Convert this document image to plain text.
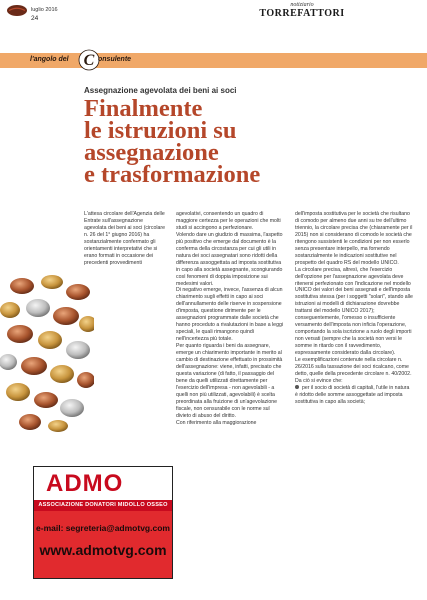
luglio 2016
24
notiziario
TORREFATTORI
l'angolo del C onsulente
Assegnazione agevolata dei beni ai soci
Finalmente
le istruzioni su
assegnazione
e trasformazione

L'attesa circolare dell'Agenzia delle Entrate sull'assegnazione agevolata dei beni ai soci (circolare n. 26 del 1° giugno 2016) ha sostanzialmente confermato gli orientamenti interpretativi che si erano formati in occasione dei precedenti provvedimenti

agevolativi, consentendo un quadro di maggiore certezza per le operazioni che molti studi si accingono a perfezionare.

Volendo dare un giudizio di massima, l'aspetto più positivo che emerge dal documento è la conferma della circostanza per cui gli utili in natura dei soci assegnatari sono ridotti della differenza assoggettata ad imposta sostitutiva in capo alla società assegnante, scongiurando così fenomeni di doppia imposizione sui medesimi valori.

Di negativo emerge, invece, l'assenza di alcun chiarimento sugli effetti in capo ai soci dell'annullamento delle riserve in sospensione d'imposta, questione dirimente per le assegnazioni programmate dalle società che hanno proceduto a rivalutazioni in base a leggi speciali, le quali rimangono quindi nell'incertezza più totale.

Per quanto riguarda i beni da assegnare, emerge un chiarimento importante in merito al cambio di destinazione effettuato in prossimità dell'assegnazione: viene, infatti, precisato che questa variazione (di fatto, il passaggio del bene da quelli utilizzati direttamente per l'esercizio dell'impresa - non agevolabili - a quelli non più utilizzati, agevolabili) è scelta preordinata alla fruizione di un'agevolazione fiscale, non censurabile con le norme sul divieto di abuso del diritto.

Con riferimento alla maggiorazione

dell'imposta sostitutiva per le società che risultano di comodo per almeno due anni su tre dell'ultimo triennio, la circolare precisa che (chiaramente per il 2015) non si considerano di comodo le società che ritengono sussistenti le condizioni per non esserlo senza presentare interpello, ma fornendo sostanzialmente le indicazioni sostitutive nel prospetto del quadro RS del modello UNICO.

La circolare precisa, altresì, che l'esercizio dell'opzione per l'assegnazione agevolata deve ritenersi perfezionato con l'indicazione nel modello UNICO dei valori dei beni assegnati e dell'imposta sostitutiva stessa (per i soggetti "solari", stando alle istruzioni ai modelli di dichiarazione dovrebbe trattarsi del modello UNICO 2017); conseguentemente, l'omesso o insufficiente versamento dell'imposta non inficia l'operazione, comportando la sola iscrizione a ruolo degli importi non versati (sempre che la società non versi le somme in ritardo con il ravvedimento, espressamente considerato dalla circolare).

Le esemplificazioni contenute nella circolare n. 26/2016 sulla tassazione dei soci ricalcano, come detto, quelle della precedente circolare n. 40/2002. Da ciò si evince che:

per il socio di società di capitali, l'utile in natura è ridotto delle somme assoggettate ad imposta sostitutiva in capo alla società;

ADMO
ASSOCIAZIONE DONATORI MIDOLLO OSSEO
e-mail: segreteria@admotvg.com
www.admotvg.com
